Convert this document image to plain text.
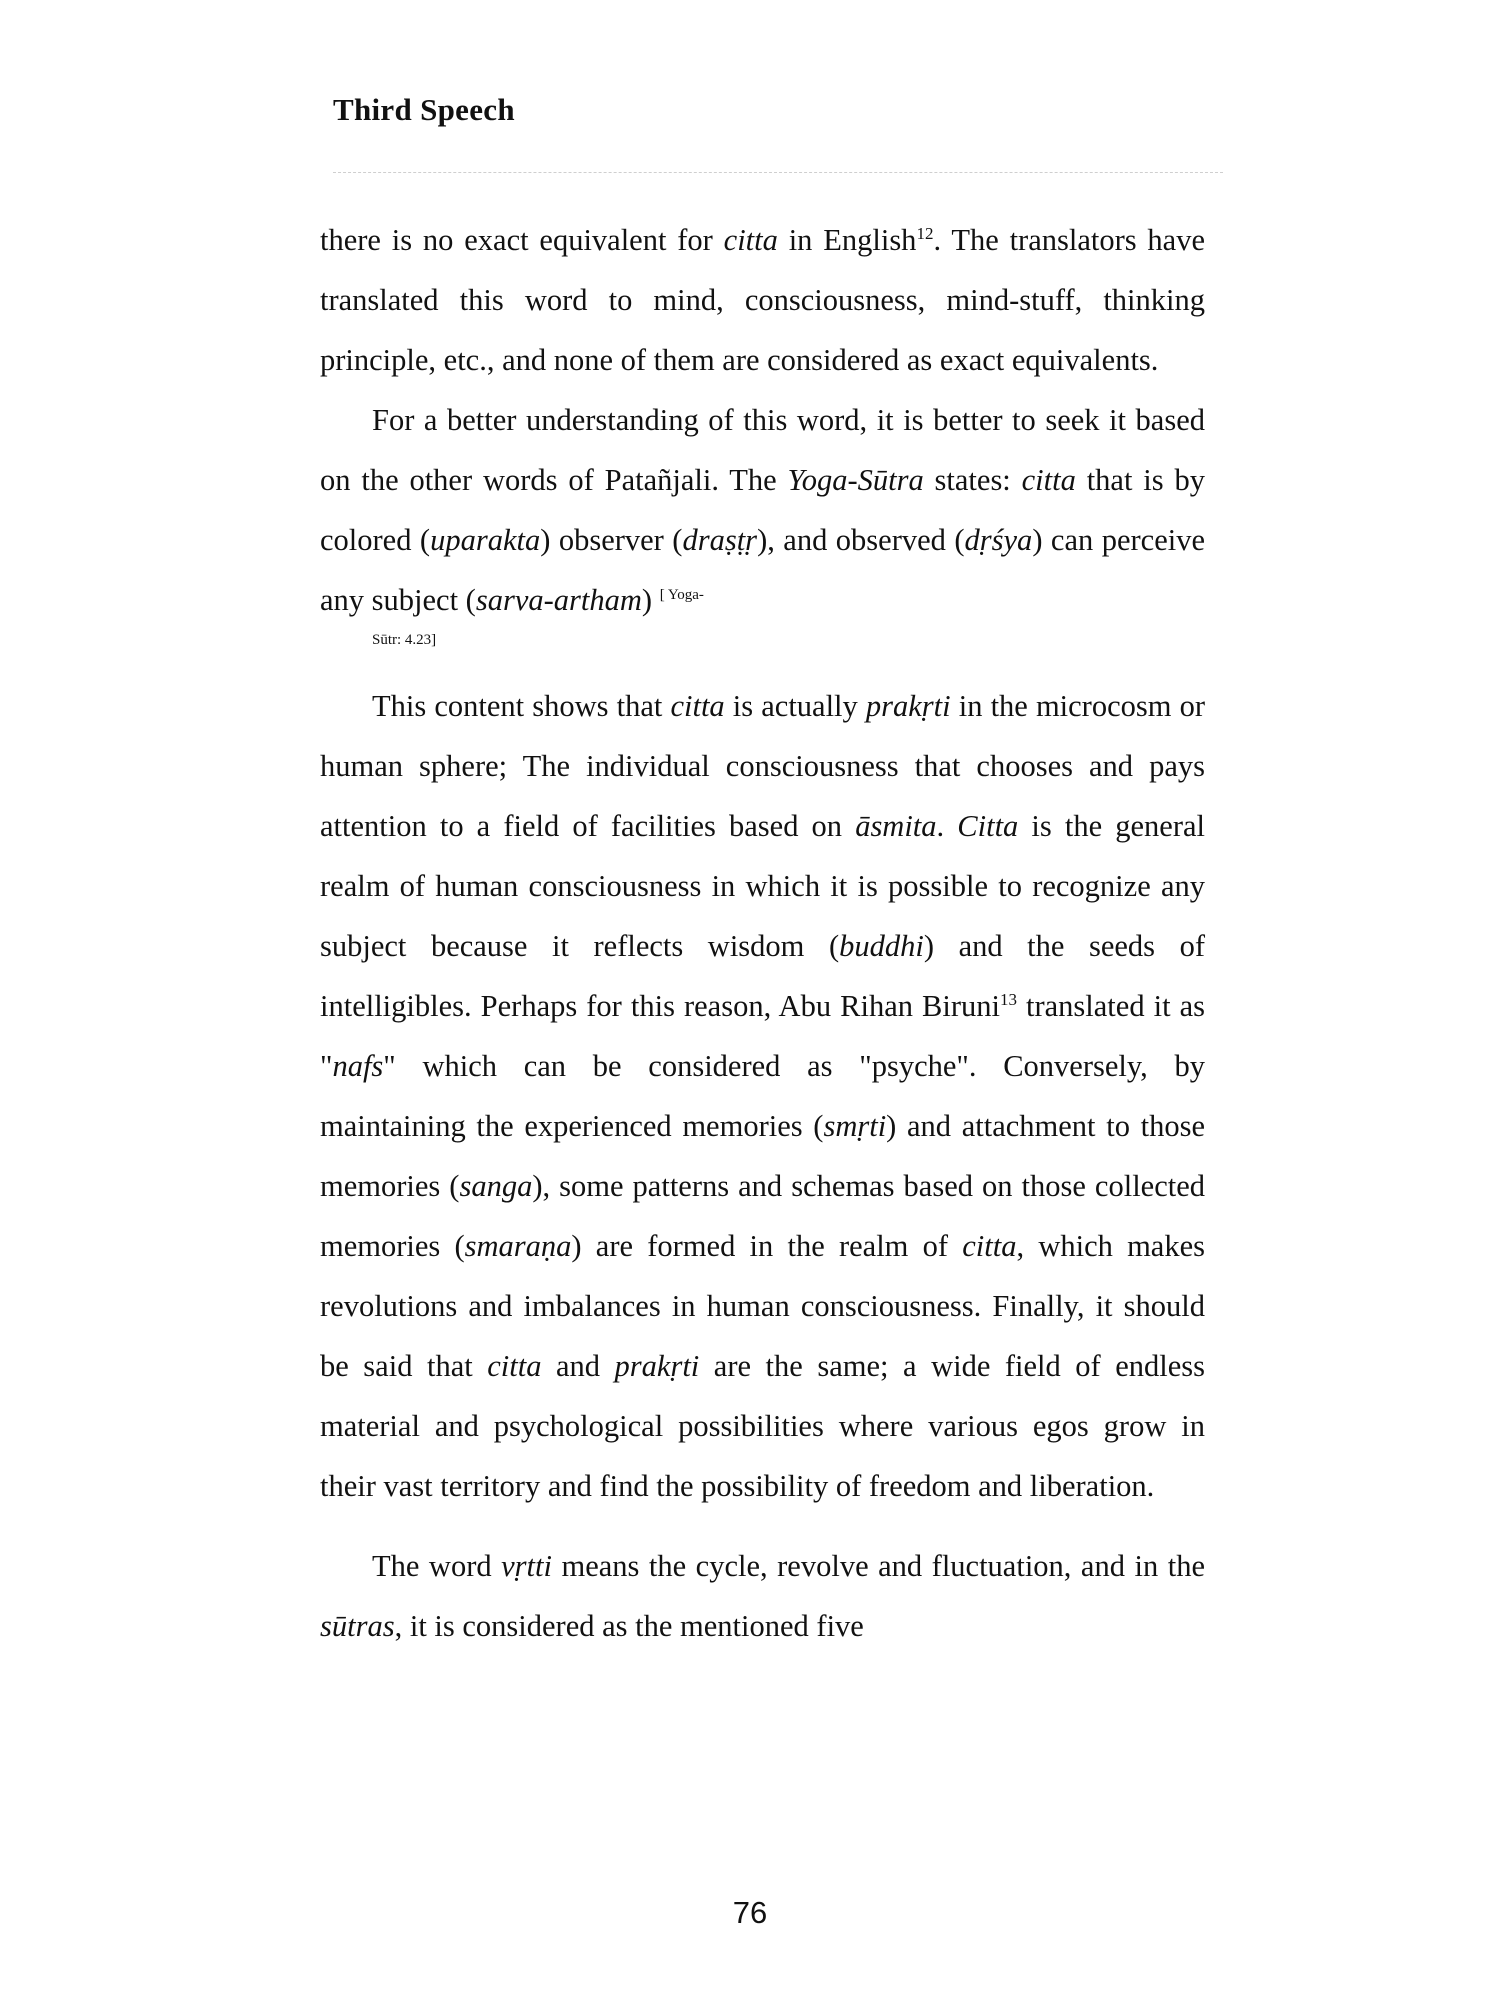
Third Speech

there is no exact equivalent for citta in English$^{12}$. The translators have translated this word to mind, consciousness, mind-stuff, thinking principle, etc., and none of them are considered as exact equivalents.

For a better understanding of this word, it is better to seek it based on the other words of Patañjali. The Yoga-Sūtra states: citta that is by colored (uparakta) observer (draṣṭṛ), and observed (dṛśya) can perceive any subject (sarva-artham) $^{[ Yoga-}$
Sūtr: 4.23]

This content shows that citta is actually prakṛti in the microcosm or human sphere; The individual consciousness that chooses and pays attention to a field of facilities based on āsmita. Citta is the general realm of human consciousness in which it is possible to recognize any subject because it reflects wisdom (buddhi) and the seeds of intelligibles. Perhaps for this reason, Abu Rihan Biruni$^{13}$ translated it as "nafs" which can be considered as "psyche". Conversely, by maintaining the experienced memories (smṛti) and attachment to those memories (sanga), some patterns and schemas based on those collected memories (smaraṇa) are formed in the realm of citta, which makes revolutions and imbalances in human consciousness. Finally, it should be said that citta and prakṛti are the same; a wide field of endless material and psychological possibilities where various egos grow in their vast territory and find the possibility of freedom and liberation.

The word vṛtti means the cycle, revolve and fluctuation, and in the sūtras, it is considered as the mentioned five

76
